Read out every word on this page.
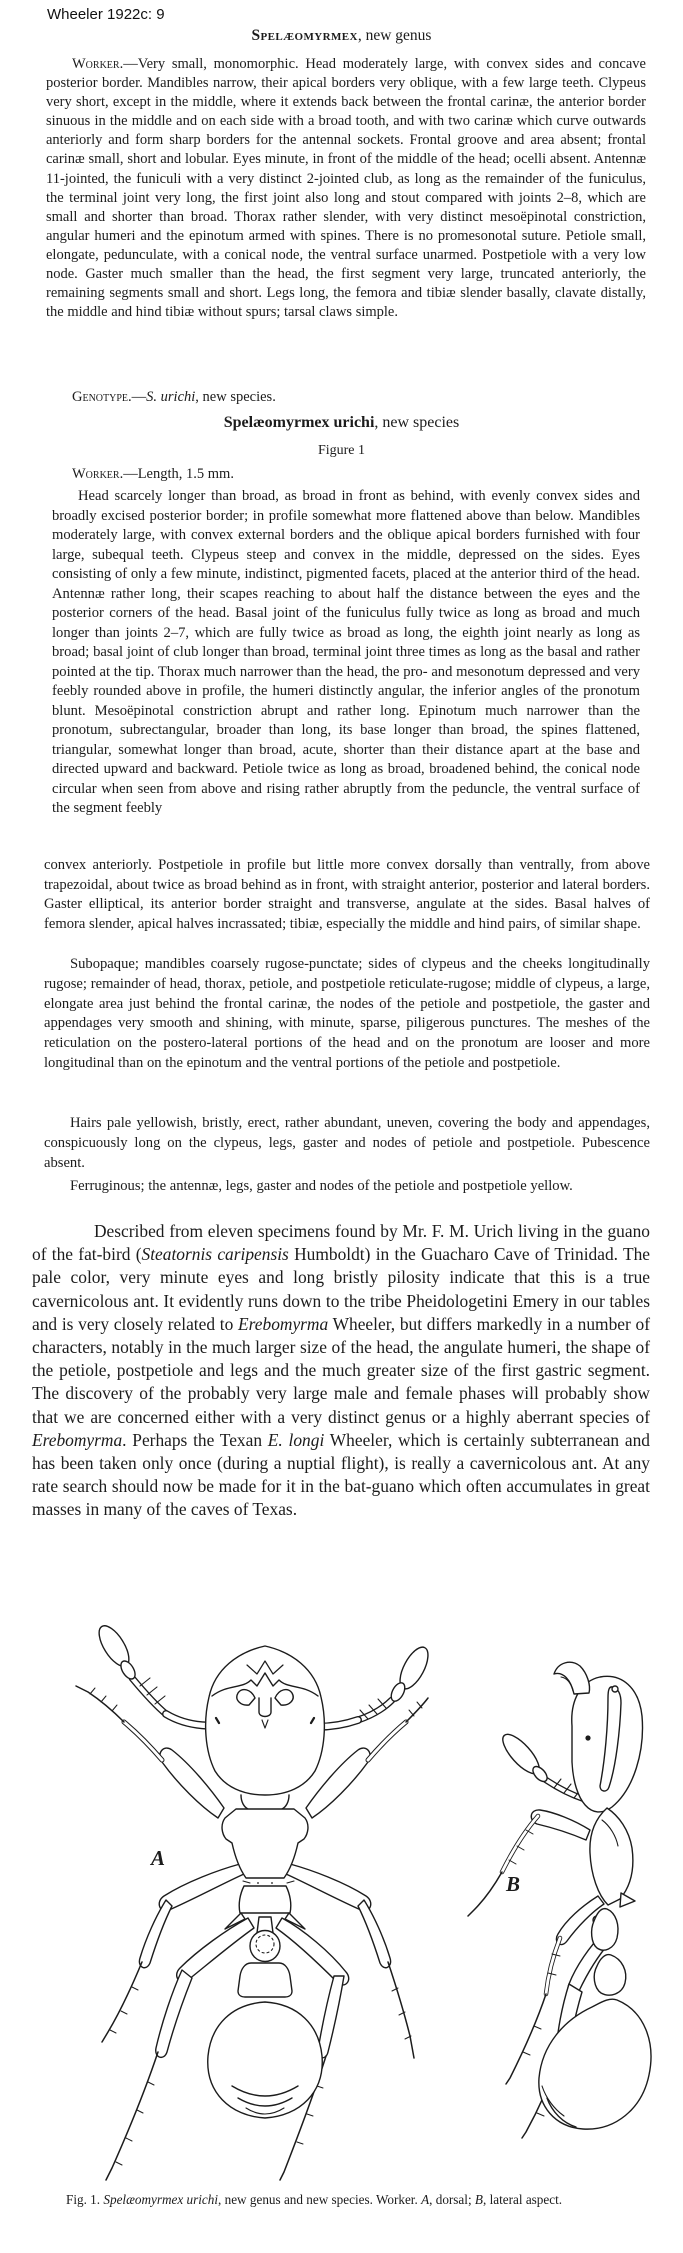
Wheeler 1922c: 9
Spelæomyrmex, new genus

Worker.—Very small, monomorphic. Head moderately large, with convex sides and concave posterior border. Mandibles narrow, their apical borders very oblique, with a few large teeth. Clypeus very short, except in the middle, where it extends back between the frontal carinæ, the anterior border sinuous in the middle and on each side with a broad tooth, and with two carinæ which curve outwards anteriorly and form sharp borders for the antennal sockets. Frontal groove and area absent; frontal carinæ small, short and lobular. Eyes minute, in front of the middle of the head; ocelli absent. Antennæ 11-jointed, the funiculi with a very distinct 2-jointed club, as long as the remainder of the funiculus, the terminal joint very long, the first joint also long and stout compared with joints 2–8, which are small and shorter than broad. Thorax rather slender, with very distinct mesoëpinotal constriction, angular humeri and the epinotum armed with spines. There is no promesonotal suture. Petiole small, elongate, pedunculate, with a conical node, the ventral surface unarmed. Postpetiole with a very low node. Gaster much smaller than the head, the first segment very large, truncated anteriorly, the remaining segments small and short. Legs long, the femora and tibiæ slender basally, clavate distally, the middle and hind tibiæ without spurs; tarsal claws simple.

Genotype.—S. urichi, new species.

Spelæomyrmex urichi, new species

Figure 1

Worker.—Length, 1.5 mm.

Head scarcely longer than broad, as broad in front as behind, with evenly convex sides and broadly excised posterior border; in profile somewhat more flattened above than below. Mandibles moderately large, with convex external borders and the oblique apical borders furnished with four large, subequal teeth. Clypeus steep and convex in the middle, depressed on the sides. Eyes consisting of only a few minute, indistinct, pigmented facets, placed at the anterior third of the head. Antennæ rather long, their scapes reaching to about half the distance between the eyes and the posterior corners of the head. Basal joint of the funiculus fully twice as long as broad and much longer than joints 2–7, which are fully twice as broad as long, the eighth joint nearly as long as broad; basal joint of club longer than broad, terminal joint three times as long as the basal and rather pointed at the tip. Thorax much narrower than the head, the pro- and mesonotum depressed and very feebly rounded above in profile, the humeri distinctly angular, the inferior angles of the pronotum blunt. Mesoëpinotal constriction abrupt and rather long. Epinotum much narrower than the pronotum, subrectangular, broader than long, its base longer than broad, the spines flattened, triangular, somewhat longer than broad, acute, shorter than their distance apart at the base and directed upward and backward. Petiole twice as long as broad, broadened behind, the conical node circular when seen from above and rising rather abruptly from the peduncle, the ventral surface of the segment feebly

convex anteriorly. Postpetiole in profile but little more convex dorsally than ventrally, from above trapezoidal, about twice as broad behind as in front, with straight anterior, posterior and lateral borders. Gaster elliptical, its anterior border straight and transverse, angulate at the sides. Basal halves of femora slender, apical halves incrassated; tibiæ, especially the middle and hind pairs, of similar shape.

Subopaque; mandibles coarsely rugose-punctate; sides of clypeus and the cheeks longitudinally rugose; remainder of head, thorax, petiole, and postpetiole reticulate-rugose; middle of clypeus, a large, elongate area just behind the frontal carinæ, the nodes of the petiole and postpetiole, the gaster and appendages very smooth and shining, with minute, sparse, piligerous punctures. The meshes of the reticulation on the postero-lateral portions of the head and on the pronotum are looser and more longitudinal than on the epinotum and the ventral portions of the petiole and postpetiole.

Hairs pale yellowish, bristly, erect, rather abundant, uneven, covering the body and appendages, conspicuously long on the clypeus, legs, gaster and nodes of petiole and postpetiole. Pubescence absent.

Ferruginous; the antennæ, legs, gaster and nodes of the petiole and postpetiole yellow.

Described from eleven specimens found by Mr. F. M. Urich living in the guano of the fat-bird (Steatornis caripensis Humboldt) in the Guacharo Cave of Trinidad. The pale color, very minute eyes and long bristly pilosity indicate that this is a true cavernicolous ant. It evidently runs down to the tribe Pheidologetini Emery in our tables and is very closely related to Erebomyrma Wheeler, but differs markedly in a number of characters, notably in the much larger size of the head, the angulate humeri, the shape of the petiole, postpetiole and legs and the much greater size of the first gastric segment. The discovery of the probably very large male and female phases will probably show that we are concerned either with a very distinct genus or a highly aberrant species of Erebomyrma. Perhaps the Texan E. longi Wheeler, which is certainly subterranean and has been taken only once (during a nuptial flight), is really a cavernicolous ant. At any rate search should now be made for it in the bat-guano which often accumulates in great masses in many of the caves of Texas.

A
B

Fig. 1. Spelæomyrmex urichi, new genus and new species. Worker. A, dorsal; B, lateral aspect.
